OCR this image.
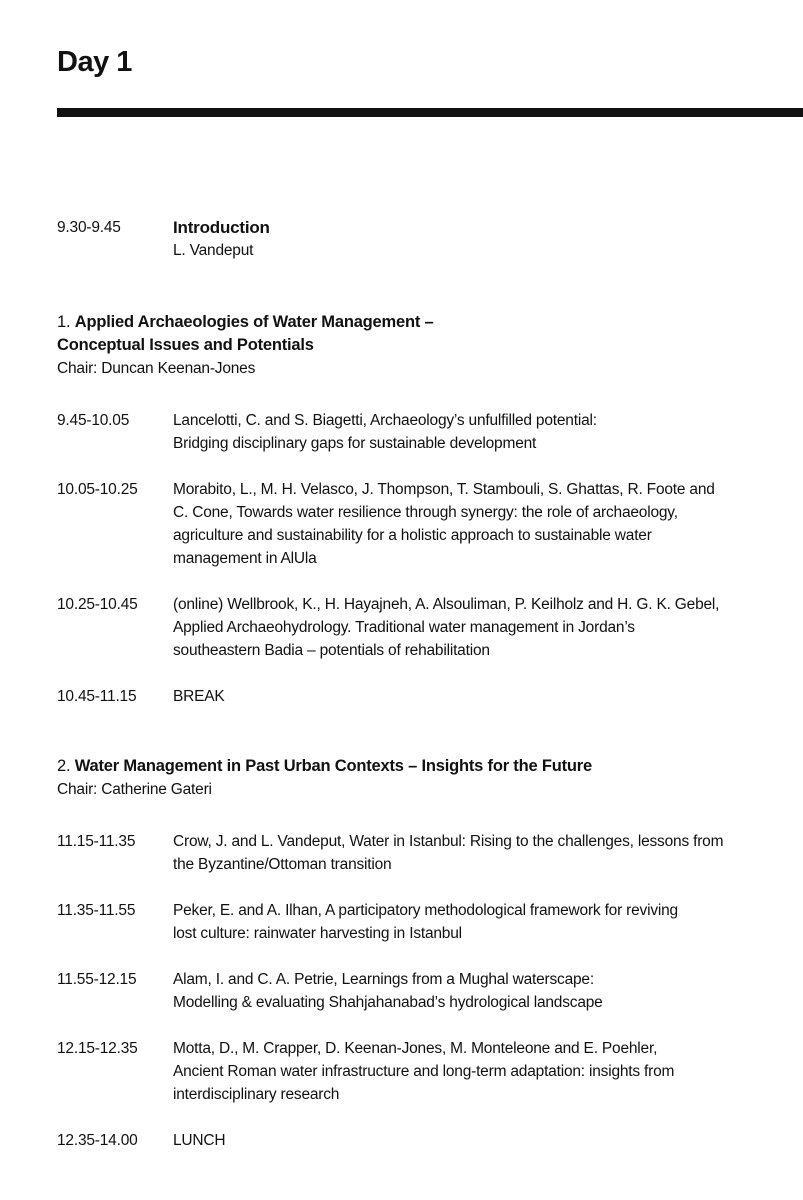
Day 1
9.30-9.45	Introduction
L. Vandeput
1. Applied Archaeologies of Water Management –
Conceptual Issues and Potentials
Chair: Duncan Keenan-Jones
9.45-10.05	Lancelotti, C. and S. Biagetti, Archaeology’s unfulfilled potential:
Bridging disciplinary gaps for sustainable development
10.05-10.25	Morabito, L., M. H. Velasco, J. Thompson, T. Stambouli, S. Ghattas, R. Foote and
C. Cone, Towards water resilience through synergy: the role of archaeology,
agriculture and sustainability for a holistic approach to sustainable water
management in AlUla
10.25-10.45	(online) Wellbrook, K., H. Hayajneh, A. Alsouliman, P. Keilholz and H. G. K. Gebel,
Applied Archaeohydrology. Traditional water management in Jordan’s
southeastern Badia – potentials of rehabilitation
10.45-11.15	BREAK
2. Water Management in Past Urban Contexts – Insights for the Future
Chair: Catherine Gateri
11.15-11.35	Crow, J. and L. Vandeput, Water in Istanbul: Rising to the challenges, lessons from
the Byzantine/Ottoman transition
11.35-11.55	Peker, E. and A. Ilhan, A participatory methodological framework for reviving
lost culture: rainwater harvesting in Istanbul
11.55-12.15	Alam, I. and C. A. Petrie, Learnings from a Mughal waterscape:
Modelling & evaluating Shahjahanabad’s hydrological landscape
12.15-12.35	Motta, D., M. Crapper, D. Keenan-Jones, M. Monteleone and E. Poehler,
Ancient Roman water infrastructure and long-term adaptation: insights from
interdisciplinary research
12.35-14.00	LUNCH
